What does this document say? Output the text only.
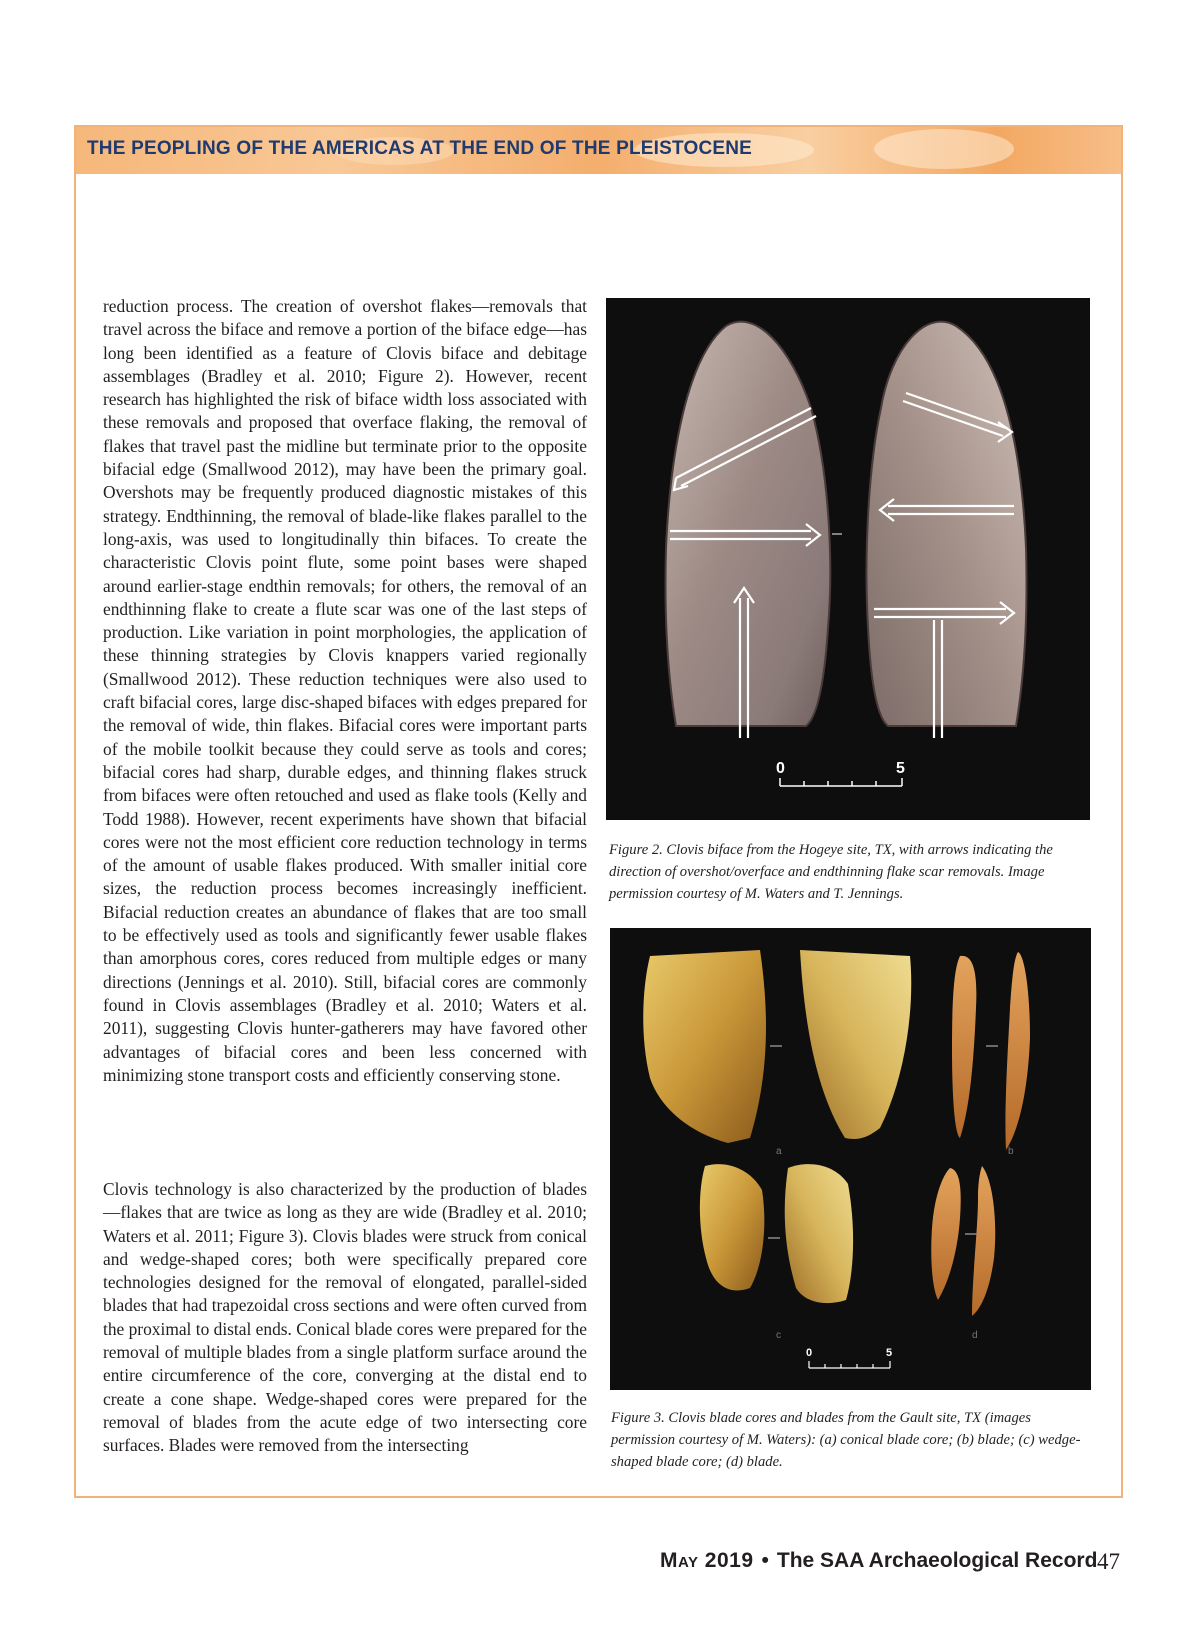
THE PEOPLING OF THE AMERICAS AT THE END OF THE PLEISTOCENE

reduction process. The creation of overshot flakes—removals that travel across the biface and remove a portion of the biface edge—has long been identified as a feature of Clovis biface and debitage assemblages (Bradley et al. 2010; Figure 2). However, recent research has highlighted the risk of biface width loss associated with these removals and proposed that overface flaking, the removal of flakes that travel past the midline but terminate prior to the opposite bifacial edge (Smallwood 2012), may have been the primary goal. Overshots may be frequently produced diagnostic mistakes of this strategy. Endthinning, the removal of blade-like flakes parallel to the long-axis, was used to longitudinally thin bifaces. To create the characteristic Clovis point flute, some point bases were shaped around earlier-stage endthin removals; for others, the removal of an endthinning flake to create a flute scar was one of the last steps of production. Like variation in point morphologies, the application of these thinning strategies by Clovis knappers varied regionally (Smallwood 2012). These reduction techniques were also used to craft bifacial cores, large disc-shaped bifaces with edges prepared for the removal of wide, thin flakes. Bifacial cores were important parts of the mobile toolkit because they could serve as tools and cores; bifacial cores had sharp, durable edges, and thinning flakes struck from bifaces were often retouched and used as flake tools (Kelly and Todd 1988). However, recent experiments have shown that bifacial cores were not the most efficient core reduction technology in terms of the amount of usable flakes produced. With smaller initial core sizes, the reduction process becomes increasingly inefficient. Bifacial reduction creates an abundance of flakes that are too small to be effectively used as tools and significantly fewer usable flakes than amorphous cores, cores reduced from multiple edges or many directions (Jennings et al. 2010). Still, bifacial cores are commonly found in Clovis assemblages (Bradley et al. 2010; Waters et al. 2011), suggesting Clovis hunter-gatherers may have favored other advantages of bifacial cores and been less concerned with minimizing stone transport costs and efficiently conserving stone.

Clovis technology is also characterized by the production of blades—flakes that are twice as long as they are wide (Bradley et al. 2010; Waters et al. 2011; Figure 3). Clovis blades were struck from conical and wedge-shaped cores; both were specifically prepared core technologies designed for the removal of elongated, parallel-sided blades that had trapezoidal cross sections and were often curved from the proximal to distal ends. Conical blade cores were prepared for the removal of multiple blades from a single platform surface around the entire circumference of the core, converging at the distal end to create a cone shape. Wedge-shaped cores were prepared for the removal of blades from the acute edge of two intersecting core surfaces. Blades were removed from the intersecting

0	5

Figure 2. Clovis biface from the Hogeye site, TX, with arrows indicating the direction of overshot/overface and endthinning flake scar removals. Image permission courtesy of M. Waters and T. Jennings.

a	b
c	d
0	5

Figure 3. Clovis blade cores and blades from the Gault site, TX (images permission courtesy of M. Waters): (a) conical blade core; (b) blade; (c) wedge-shaped blade core; (d) blade.

May 2019 • The SAA Archaeological Record 47
